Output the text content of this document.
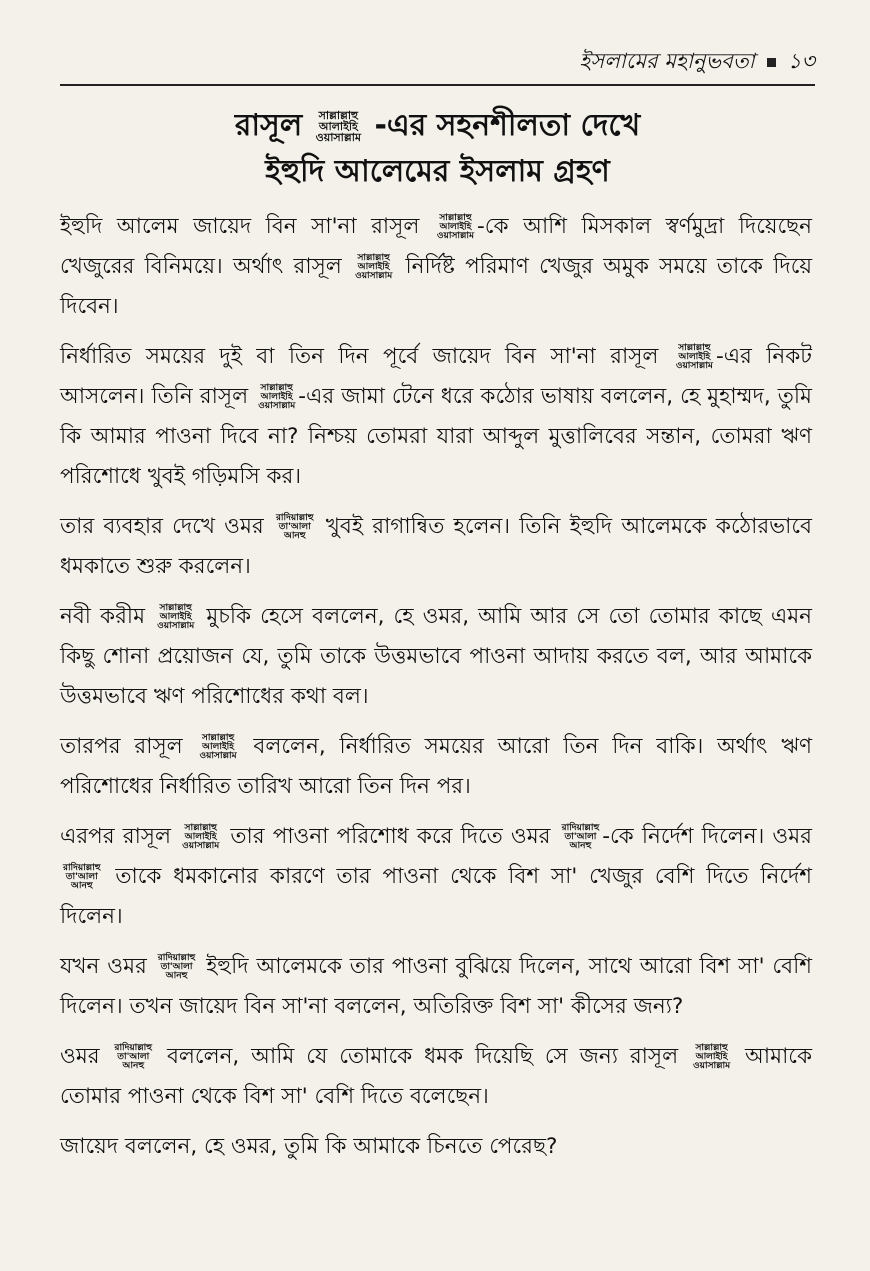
ইসলামের মহানুভবতা ১৩
রাসূল সাল্লাল্লাহু
আলাইহি
ওয়াসাল্লাম -এর সহনশীলতা দেখে
ইহুদি আলেমের ইসলাম গ্রহণ

ইহুদি আলেম জায়েদ বিন সা'না রাসূল সাল্লাল্লাহু
আলাইহি
ওয়াসাল্লাম -কে আশি মিসকাল স্বর্ণমুদ্রা দিয়েছেন খেজুরের বিনিময়ে। অর্থাৎ রাসূল সাল্লাল্লাহু
আলাইহি
ওয়াসাল্লাম নির্দিষ্ট পরিমাণ খেজুর অমুক সময়ে তাকে দিয়ে দিবেন।

নির্ধারিত সময়ের দুই বা তিন দিন পূর্বে জায়েদ বিন সা'না রাসূল সাল্লাল্লাহু
আলাইহি
ওয়াসাল্লাম -এর নিকট আসলেন। তিনি রাসূল সাল্লাল্লাহু
আলাইহি
ওয়াসাল্লাম -এর জামা টেনে ধরে কঠোর ভাষায় বললেন, হে মুহাম্মদ, তুমি কি আমার পাওনা দিবে না? নিশ্চয় তোমরা যারা আব্দুল মুত্তালিবের সন্তান, তোমরা ঋণ পরিশোধে খুবই গড়িমসি কর।

তার ব্যবহার দেখে ওমর রাদিয়াল্লাহু
তা'আলা
আনহু খুবই রাগান্বিত হলেন। তিনি ইহুদি আলেমকে কঠোরভাবে ধমকাতে শুরু করলেন।

নবী করীম সাল্লাল্লাহু
আলাইহি
ওয়াসাল্লাম মুচকি হেসে বললেন, হে ওমর, আমি আর সে তো তোমার কাছে এমন কিছু শোনা প্রয়োজন যে, তুমি তাকে উত্তমভাবে পাওনা আদায় করতে বল, আর আমাকে উত্তমভাবে ঋণ পরিশোধের কথা বল।

তারপর রাসূল সাল্লাল্লাহু
আলাইহি
ওয়াসাল্লাম বললেন, নির্ধারিত সময়ের আরো তিন দিন বাকি। অর্থাৎ ঋণ পরিশোধের নির্ধারিত তারিখ আরো তিন দিন পর।

এরপর রাসূল সাল্লাল্লাহু
আলাইহি
ওয়াসাল্লাম তার পাওনা পরিশোধ করে দিতে ওমর রাদিয়াল্লাহু
তা'আলা
আনহু -কে নির্দেশ দিলেন। ওমর
রাদিয়াল্লাহু
তা'আলা
আনহু তাকে ধমকানোর কারণে তার পাওনা থেকে বিশ সা' খেজুর বেশি দিতে নির্দেশ দিলেন।

যখন ওমর রাদিয়াল্লাহু
তা'আলা
আনহু ইহুদি আলেমকে তার পাওনা বুঝিয়ে দিলেন, সাথে আরো বিশ সা' বেশি দিলেন। তখন জায়েদ বিন সা'না বললেন, অতিরিক্ত বিশ সা' কীসের জন্য?

ওমর রাদিয়াল্লাহু
তা'আলা
আনহু বললেন, আমি যে তোমাকে ধমক দিয়েছি সে জন্য রাসূল সাল্লাল্লাহু
আলাইহি
ওয়াসাল্লাম আমাকে তোমার পাওনা থেকে বিশ সা' বেশি দিতে বলেছেন।

জায়েদ বললেন, হে ওমর, তুমি কি আমাকে চিনতে পেরেছ?
